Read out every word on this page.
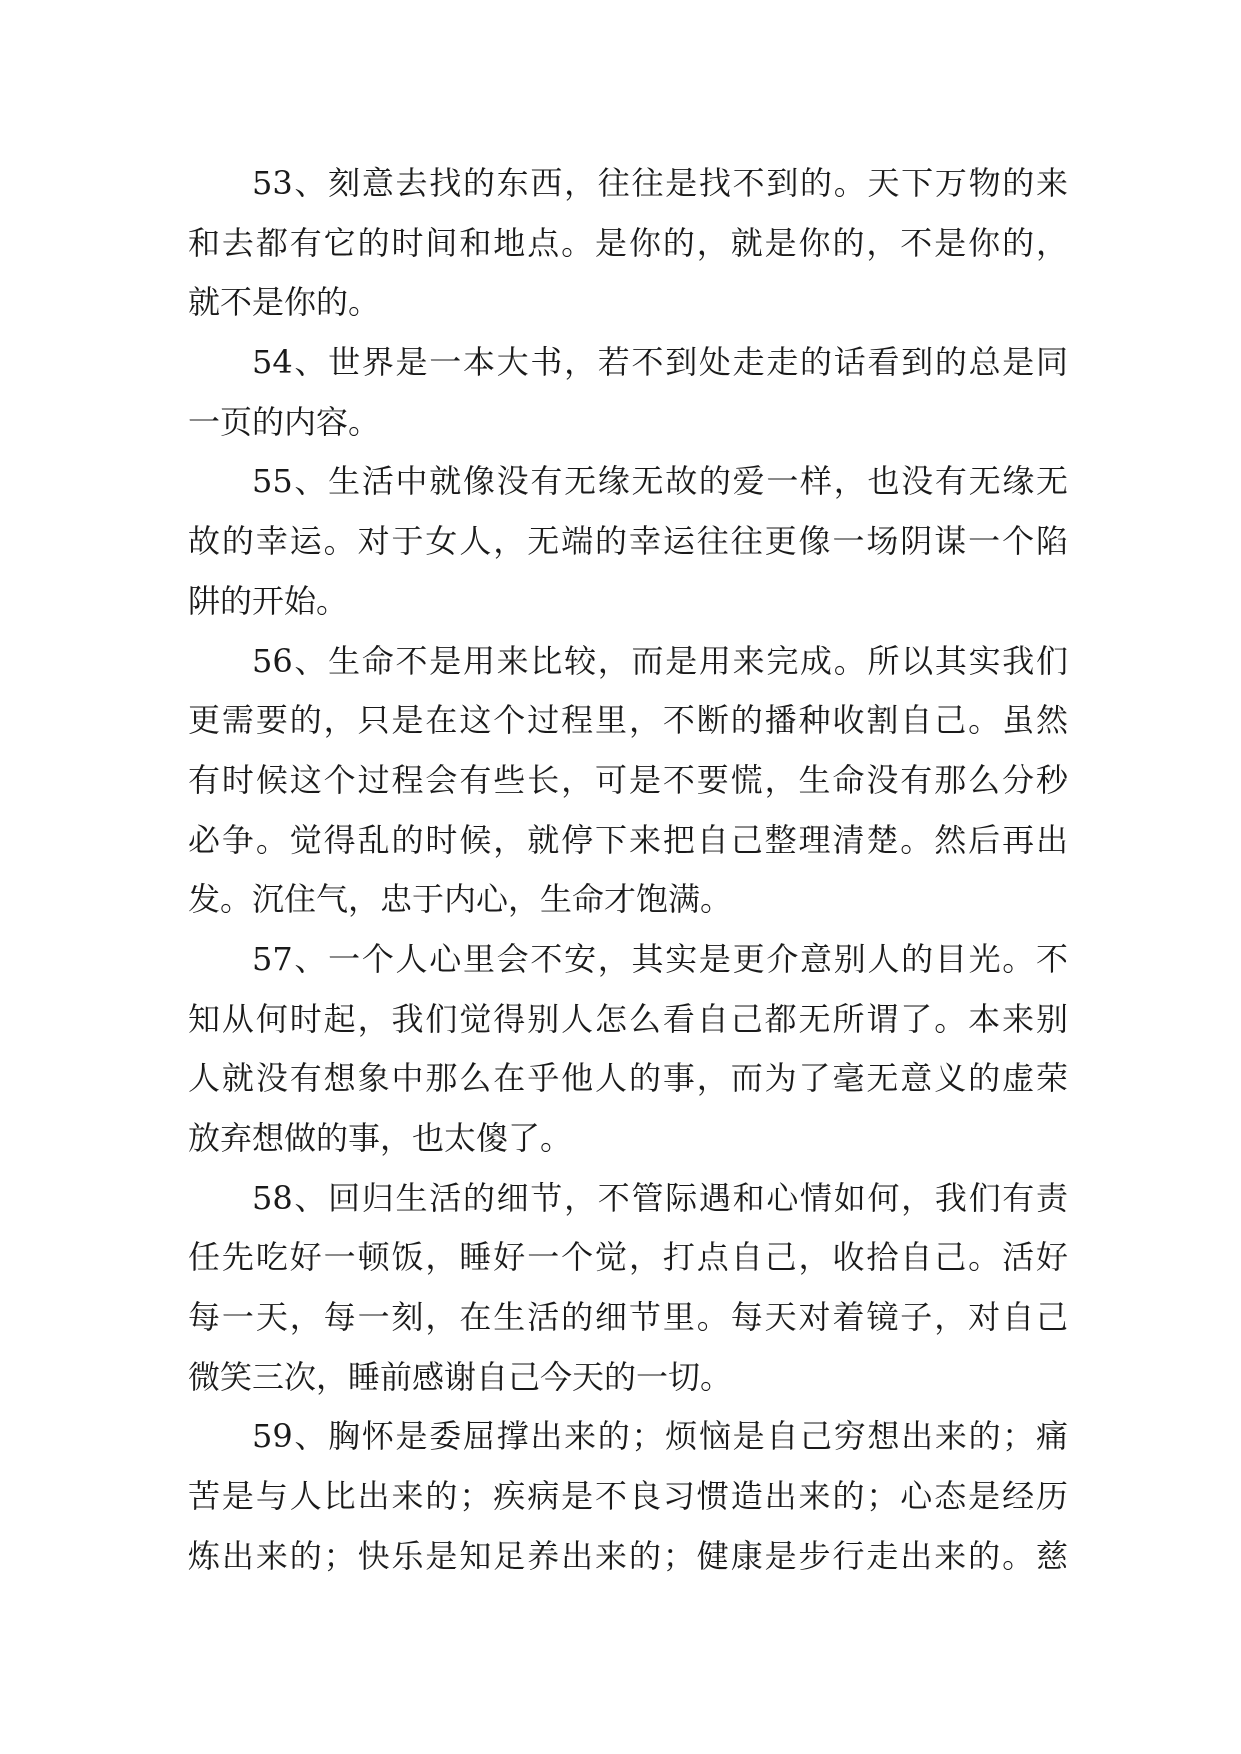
53、刻意去找的东西，往往是找不到的。天下万物的来
和去都有它的时间和地点。是你的，就是你的，不是你的，
就不是你的。
54、世界是一本大书，若不到处走走的话看到的总是同
一页的内容。
55、生活中就像没有无缘无故的爱一样，也没有无缘无
故的幸运。对于女人，无端的幸运往往更像一场阴谋一个陷
阱的开始。
56、生命不是用来比较，而是用来完成。所以其实我们
更需要的，只是在这个过程里，不断的播种收割自己。虽然
有时候这个过程会有些长，可是不要慌，生命没有那么分秒
必争。觉得乱的时候，就停下来把自己整理清楚。然后再出
发。沉住气，忠于内心，生命才饱满。
57、一个人心里会不安，其实是更介意别人的目光。不
知从何时起，我们觉得别人怎么看自己都无所谓了。本来别
人就没有想象中那么在乎他人的事，而为了毫无意义的虚荣
放弃想做的事，也太傻了。
58、回归生活的细节，不管际遇和心情如何，我们有责
任先吃好一顿饭，睡好一个觉，打点自己，收拾自己。活好
每一天，每一刻，在生活的细节里。每天对着镜子，对自己
微笑三次，睡前感谢自己今天的一切。
59、胸怀是委屈撑出来的；烦恼是自己穷想出来的；痛
苦是与人比出来的；疾病是不良习惯造出来的；心态是经历
炼出来的；快乐是知足养出来的；健康是步行走出来的。慈
